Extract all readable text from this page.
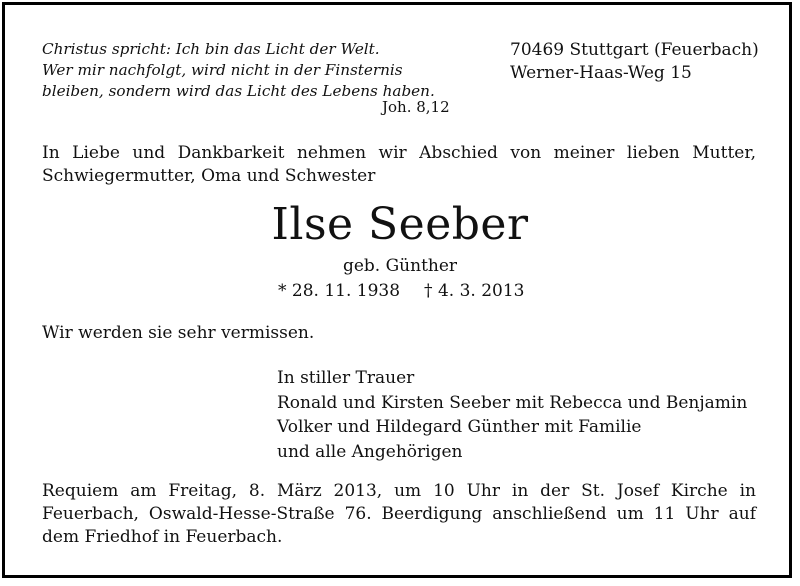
Christus spricht: Ich bin das Licht der Welt.
Wer mir nachfolgt, wird nicht in der Finsternis
bleiben, sondern wird das Licht des Lebens haben.
Joh. 8,12
70469 Stuttgart (Feuerbach)
Werner-Haas-Weg 15
In Liebe und Dankbarkeit nehmen wir Abschied von meiner lieben Mutter, Schwiegermutter, Oma und Schwester
Ilse Seeber
geb. Günther
* 28. 11. 1938 † 4. 3. 2013
Wir werden sie sehr vermissen.
In stiller Trauer
Ronald und Kirsten Seeber mit Rebecca und Benjamin
Volker und Hildegard Günther mit Familie
und alle Angehörigen
Requiem am Freitag, 8. März 2013, um 10 Uhr in der St. Josef Kirche in Feuerbach, Oswald-Hesse-Straße 76. Beerdigung anschließend um 11 Uhr auf dem Friedhof in Feuerbach.
